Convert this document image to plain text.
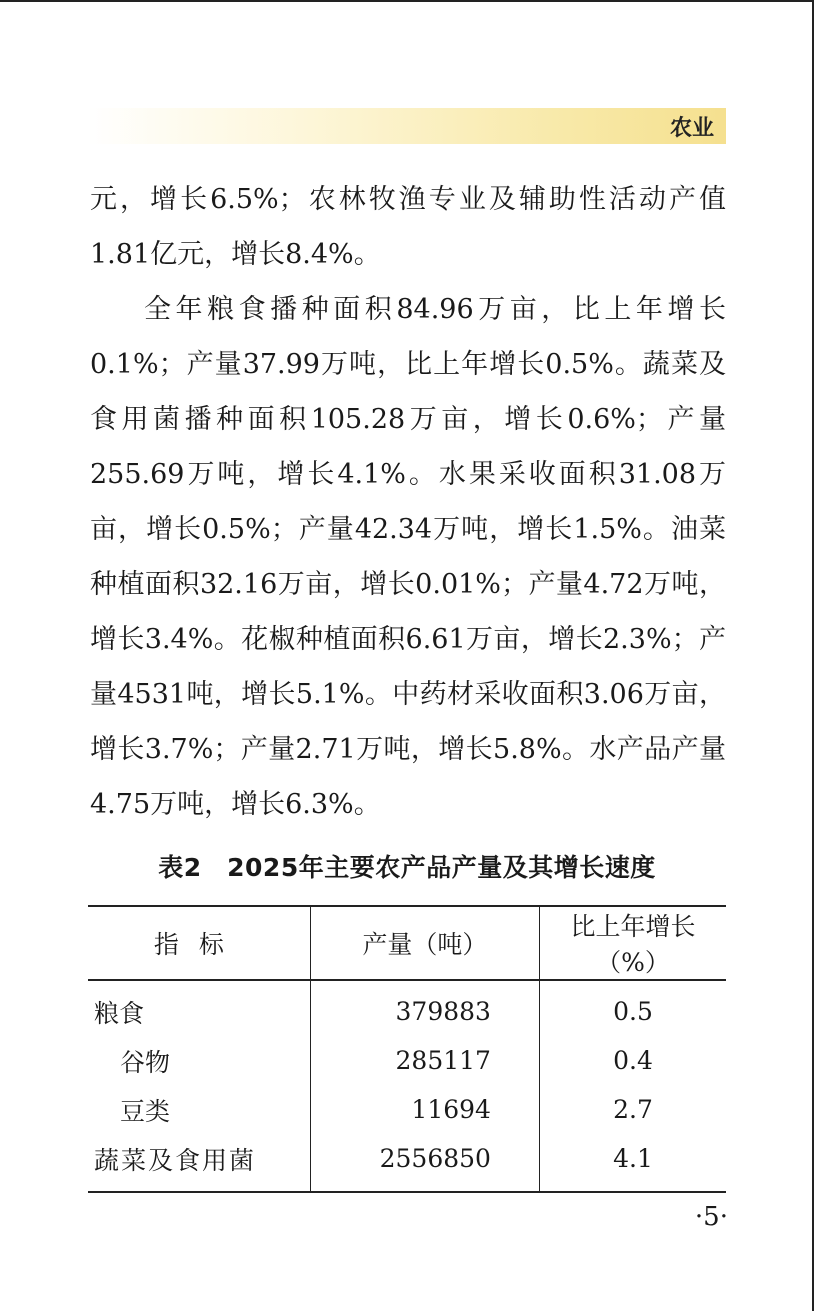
农业

元，增长6.5%；农林牧渔专业及辅助性活动产值1.81亿元，增长8.4%。

全年粮食播种面积84.96万亩，比上年增长0.1%；产量37.99万吨，比上年增长0.5%。蔬菜及食用菌播种面积105.28万亩，增长0.6%；产量255.69万吨，增长4.1%。水果采收面积31.08万亩，增长0.5%；产量42.34万吨，增长1.5%。油菜种植面积32.16万亩，增长0.01%；产量4.72万吨，增长3.4%。花椒种植面积6.61万亩，增长2.3%；产量4531吨，增长5.1%。中药材采收面积3.06万亩，增长3.7%；产量2.71万吨，增长5.8%。水产品产量4.75万吨，增长6.3%。

表2　2025年主要农产品产量及其增长速度
指标	产量（吨）	比上年增长（%）
粮食	379883	0.5
谷物	285117	0.4
豆类	11694	2.7
蔬菜及食用菌	2556850	4.1
·5·
